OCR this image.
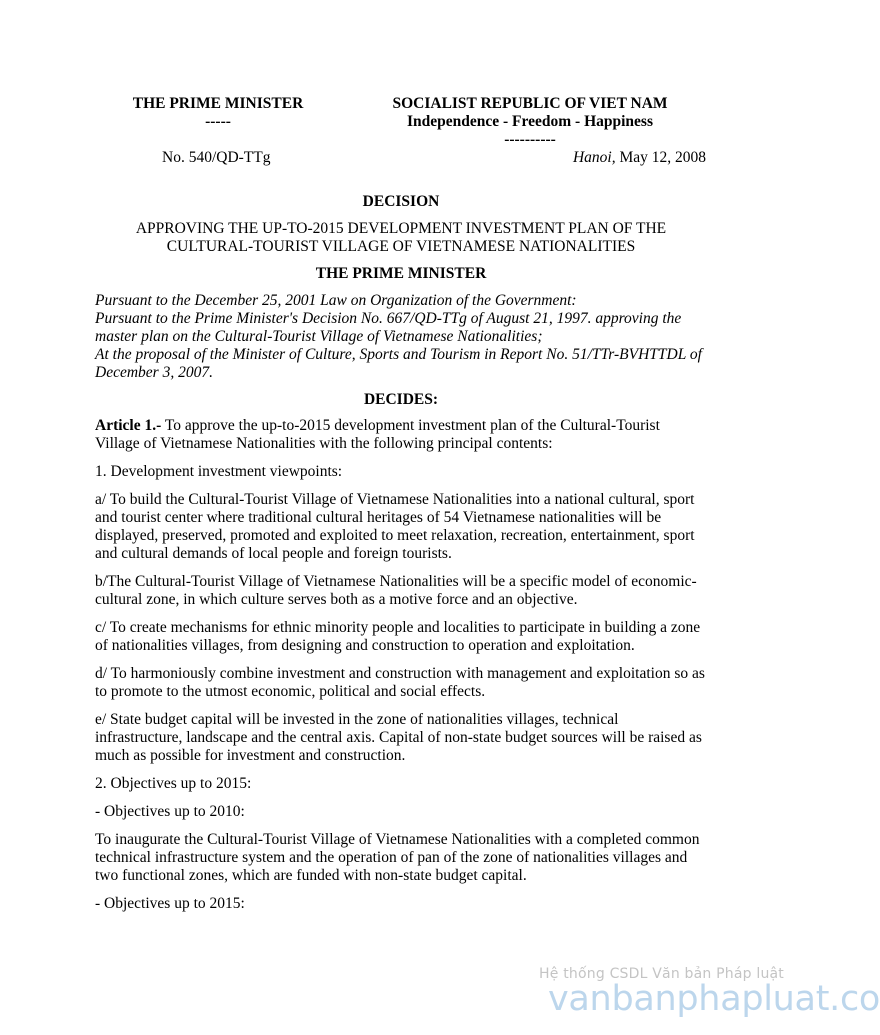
THE PRIME MINISTER
-----
SOCIALIST REPUBLIC OF VIET NAM
Independence - Freedom - Happiness
----------
No. 540/QD-TTg	Hanoi, May 12, 2008
DECISION
APPROVING THE UP-TO-2015 DEVELOPMENT INVESTMENT PLAN OF THE
CULTURAL-TOURIST VILLAGE OF VIETNAMESE NATIONALITIES
THE PRIME MINISTER
Pursuant to the December 25, 2001 Law on Organization of the Government:
Pursuant to the Prime Minister's Decision No. 667/QD-TTg of August 21, 1997. approving the master plan on the Cultural-Tourist Village of Vietnamese Nationalities;
At the proposal of the Minister of Culture, Sports and Tourism in Report No. 51/TTr-BVHTTDL of December 3, 2007.
DECIDES:

Article 1.- To approve the up-to-2015 development investment plan of the Cultural-Tourist Village of Vietnamese Nationalities with the following principal contents:

1. Development investment viewpoints:

a/ To build the Cultural-Tourist Village of Vietnamese Nationalities into a national cultural, sport and tourist center where traditional cultural heritages of 54 Vietnamese nationalities will be displayed, preserved, promoted and exploited to meet relaxation, recreation, entertainment, sport and cultural demands of local people and foreign tourists.

b/The Cultural-Tourist Village of Vietnamese Nationalities will be a specific model of economic-cultural zone, in which culture serves both as a motive force and an objective.

c/ To create mechanisms for ethnic minority people and localities to participate in building a zone of nationalities villages, from designing and construction to operation and exploitation.

d/ To harmoniously combine investment and construction with management and exploitation so as to promote to the utmost economic, political and social effects.

e/ State budget capital will be invested in the zone of nationalities villages, technical infrastructure, landscape and the central axis. Capital of non-state budget sources will be raised as much as possible for investment and construction.

2. Objectives up to 2015:

- Objectives up to 2010:

To inaugurate the Cultural-Tourist Village of Vietnamese Nationalities with a completed common technical infrastructure system and the operation of pan of the zone of nationalities villages and two functional zones, which are funded with non-state budget capital.

- Objectives up to 2015:

Hệ thống CSDL Văn bản Pháp luật
vanbanphapluat.co
